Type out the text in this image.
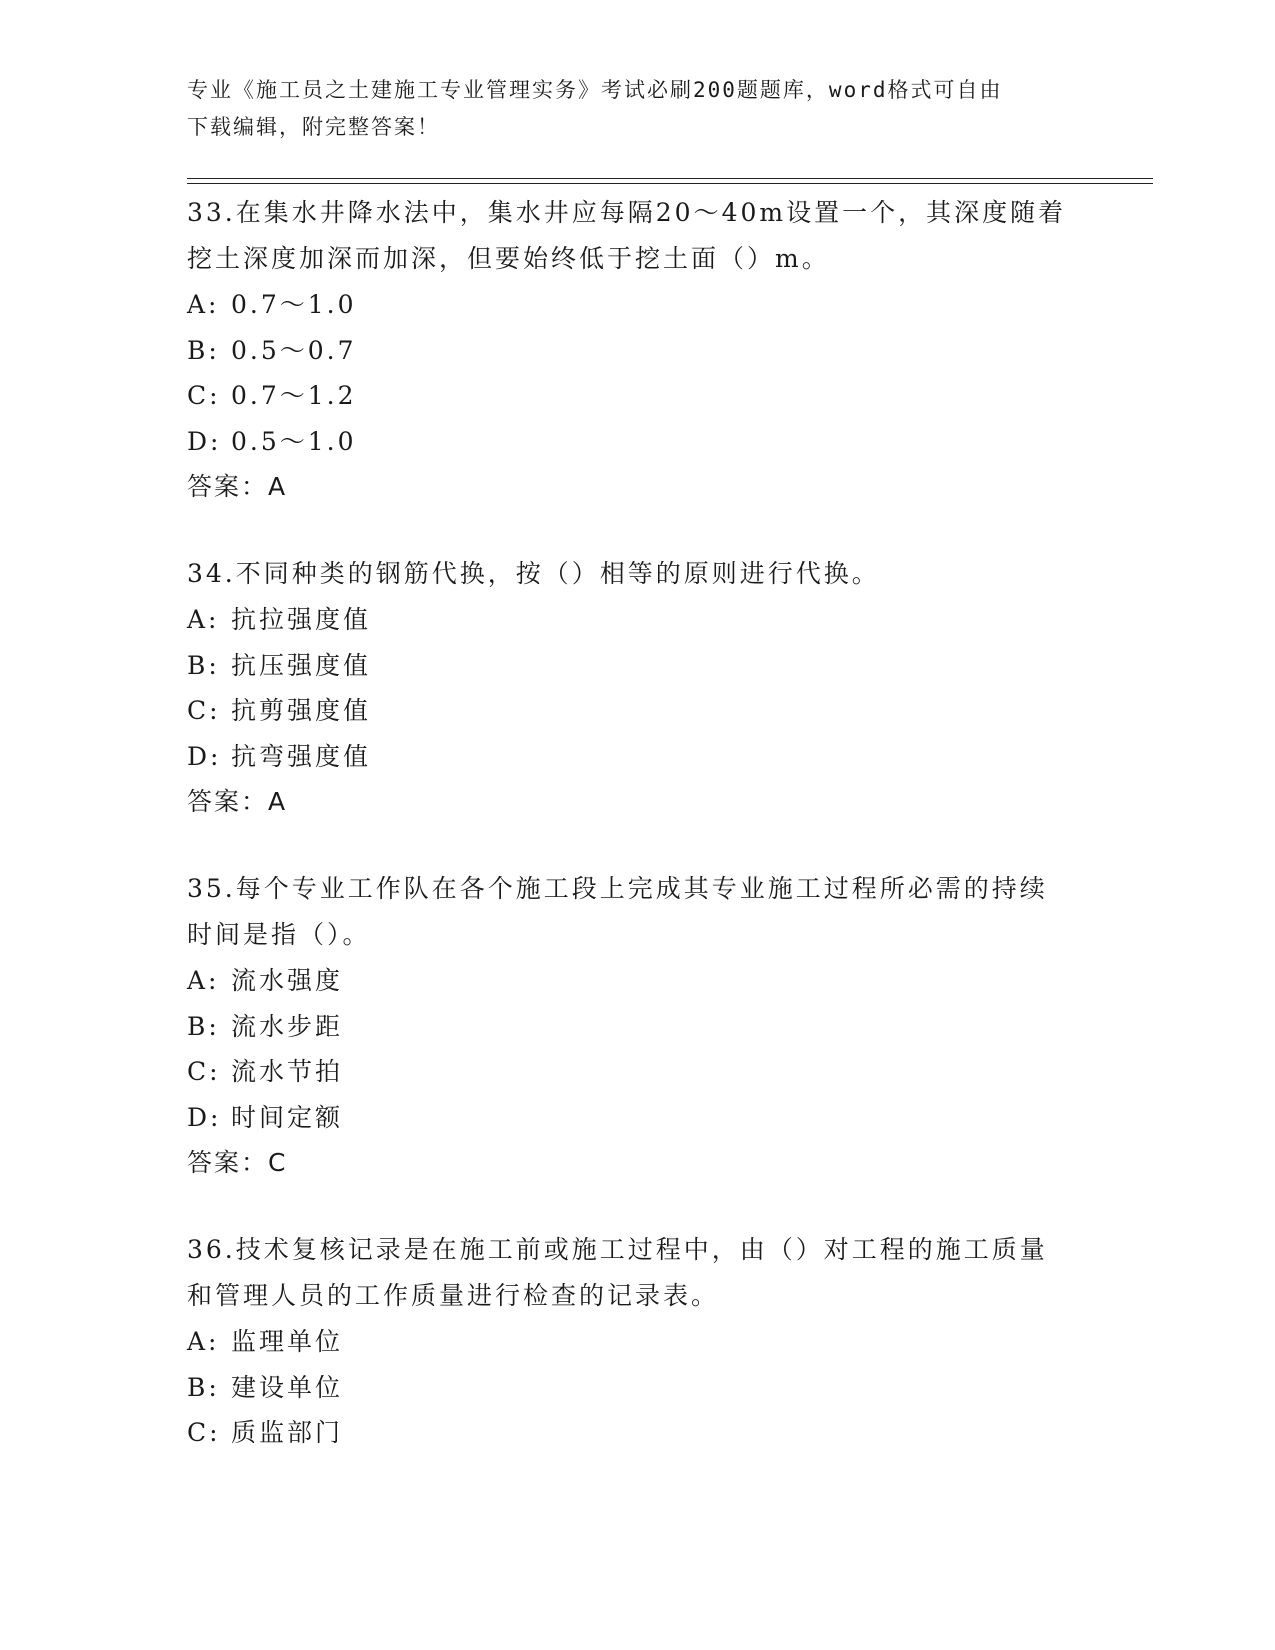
专业《施工员之土建施工专业管理实务》考试必刷200题题库，word格式可自由
下载编辑，附完整答案！

33.在集水井降水法中，集水井应每隔20～40m设置一个，其深度随着
挖土深度加深而加深，但要始终低于挖土面（）m。

A: 0.7～1.0

B: 0.5～0.7

C: 0.7～1.2

D: 0.5～1.0

答案：A

34.不同种类的钢筋代换，按（）相等的原则进行代换。

A: 抗拉强度值

B: 抗压强度值

C: 抗剪强度值

D: 抗弯强度值

答案：A

35.每个专业工作队在各个施工段上完成其专业施工过程所必需的持续
时间是指（）。

A: 流水强度

B: 流水步距

C: 流水节拍

D: 时间定额

答案：C

36.技术复核记录是在施工前或施工过程中，由（）对工程的施工质量
和管理人员的工作质量进行检查的记录表。

A: 监理单位

B: 建设单位

C: 质监部门
